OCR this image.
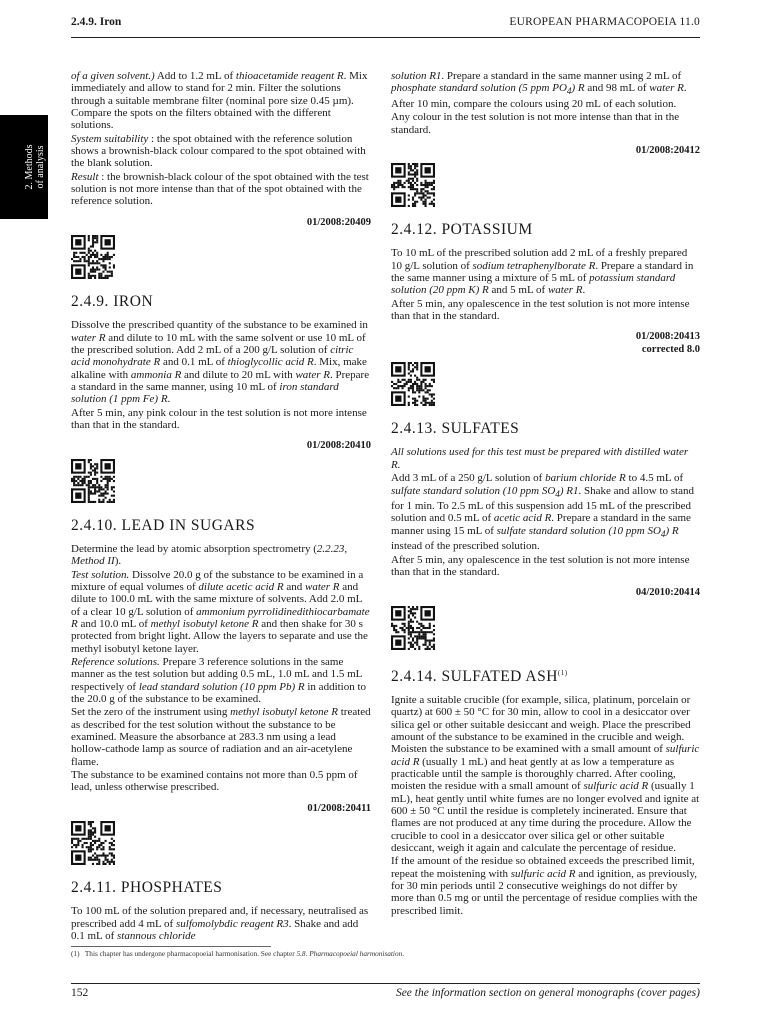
2.4.9. Iron	EUROPEAN PHARMACOPOEIA 11.0
2. Methods of analysis

of a given solvent.) Add to 1.2 mL of thioacetamide reagent R. Mix immediately and allow to stand for 2 min. Filter the solutions through a suitable membrane filter (nominal pore size 0.45 µm). Compare the spots on the filters obtained with the different solutions.

System suitability : the spot obtained with the reference solution shows a brownish-black colour compared to the spot obtained with the blank solution.

Result : the brownish-black colour of the spot obtained with the test solution is not more intense than that of the spot obtained with the reference solution.

01/2008:20409

2.4.9. IRON

Dissolve the prescribed quantity of the substance to be examined in water R and dilute to 10 mL with the same solvent or use 10 mL of the prescribed solution. Add 2 mL of a 200 g/L solution of citric acid monohydrate R and 0.1 mL of thioglycollic acid R. Mix, make alkaline with ammonia R and dilute to 20 mL with water R. Prepare a standard in the same manner, using 10 mL of iron standard solution (1 ppm Fe) R.

After 5 min, any pink colour in the test solution is not more intense than that in the standard.

01/2008:20410

2.4.10. LEAD IN SUGARS

Determine the lead by atomic absorption spectrometry (2.2.23, Method II).

Test solution. Dissolve 20.0 g of the substance to be examined in a mixture of equal volumes of dilute acetic acid R and water R and dilute to 100.0 mL with the same mixture of solvents. Add 2.0 mL of a clear 10 g/L solution of ammonium pyrrolidinedithiocarbamate R and 10.0 mL of methyl isobutyl ketone R and then shake for 30 s protected from bright light. Allow the layers to separate and use the methyl isobutyl ketone layer.

Reference solutions. Prepare 3 reference solutions in the same manner as the test solution but adding 0.5 mL, 1.0 mL and 1.5 mL respectively of lead standard solution (10 ppm Pb) R in addition to the 20.0 g of the substance to be examined.

Set the zero of the instrument using methyl isobutyl ketone R treated as described for the test solution without the substance to be examined. Measure the absorbance at 283.3 nm using a lead hollow-cathode lamp as source of radiation and an air-acetylene flame.

The substance to be examined contains not more than 0.5 ppm of lead, unless otherwise prescribed.

01/2008:20411

2.4.11. PHOSPHATES

To 100 mL of the solution prepared and, if necessary, neutralised as prescribed add 4 mL of sulfomolybdic reagent R3. Shake and add 0.1 mL of stannous chloride

solution R1. Prepare a standard in the same manner using 2 mL of phosphate standard solution (5 ppm $PO_4$) R and 98 mL of water R. After 10 min, compare the colours using 20 mL of each solution.

Any colour in the test solution is not more intense than that in the standard.

01/2008:20412

2.4.12. POTASSIUM

To 10 mL of the prescribed solution add 2 mL of a freshly prepared 10 g/L solution of sodium tetraphenylborate R. Prepare a standard in the same manner using a mixture of 5 mL of potassium standard solution (20 ppm K) R and 5 mL of water R.

After 5 min, any opalescence in the test solution is not more intense than that in the standard.

01/2008:20413

corrected 8.0

2.4.13. SULFATES

All solutions used for this test must be prepared with distilled water R.

Add 3 mL of a 250 g/L solution of barium chloride R to 4.5 mL of sulfate standard solution (10 ppm $SO_4$) R1. Shake and allow to stand for 1 min. To 2.5 mL of this suspension add 15 mL of the prescribed solution and 0.5 mL of acetic acid R. Prepare a standard in the same manner using 15 mL of sulfate standard solution (10 ppm $SO_4$) R instead of the prescribed solution.

After 5 min, any opalescence in the test solution is not more intense than that in the standard.

04/2010:20414

2.4.14. SULFATED ASH$^{(1)}$

Ignite a suitable crucible (for example, silica, platinum, porcelain or quartz) at 600 ± 50 °C for 30 min, allow to cool in a desiccator over silica gel or other suitable desiccant and weigh. Place the prescribed amount of the substance to be examined in the crucible and weigh. Moisten the substance to be examined with a small amount of sulfuric acid R (usually 1 mL) and heat gently at as low a temperature as practicable until the sample is thoroughly charred. After cooling, moisten the residue with a small amount of sulfuric acid R (usually 1 mL), heat gently until white fumes are no longer evolved and ignite at 600 ± 50 °C until the residue is completely incinerated. Ensure that flames are not produced at any time during the procedure. Allow the crucible to cool in a desiccator over silica gel or other suitable desiccant, weigh it again and calculate the percentage of residue.

If the amount of the residue so obtained exceeds the prescribed limit, repeat the moistening with sulfuric acid R and ignition, as previously, for 30 min periods until 2 consecutive weighings do not differ by more than 0.5 mg or until the percentage of residue complies with the prescribed limit.

(1)   This chapter has undergone pharmacopoeial harmonisation. See chapter 5.8. Pharmacopoeial harmonisation.
152	See the information section on general monographs (cover pages)
